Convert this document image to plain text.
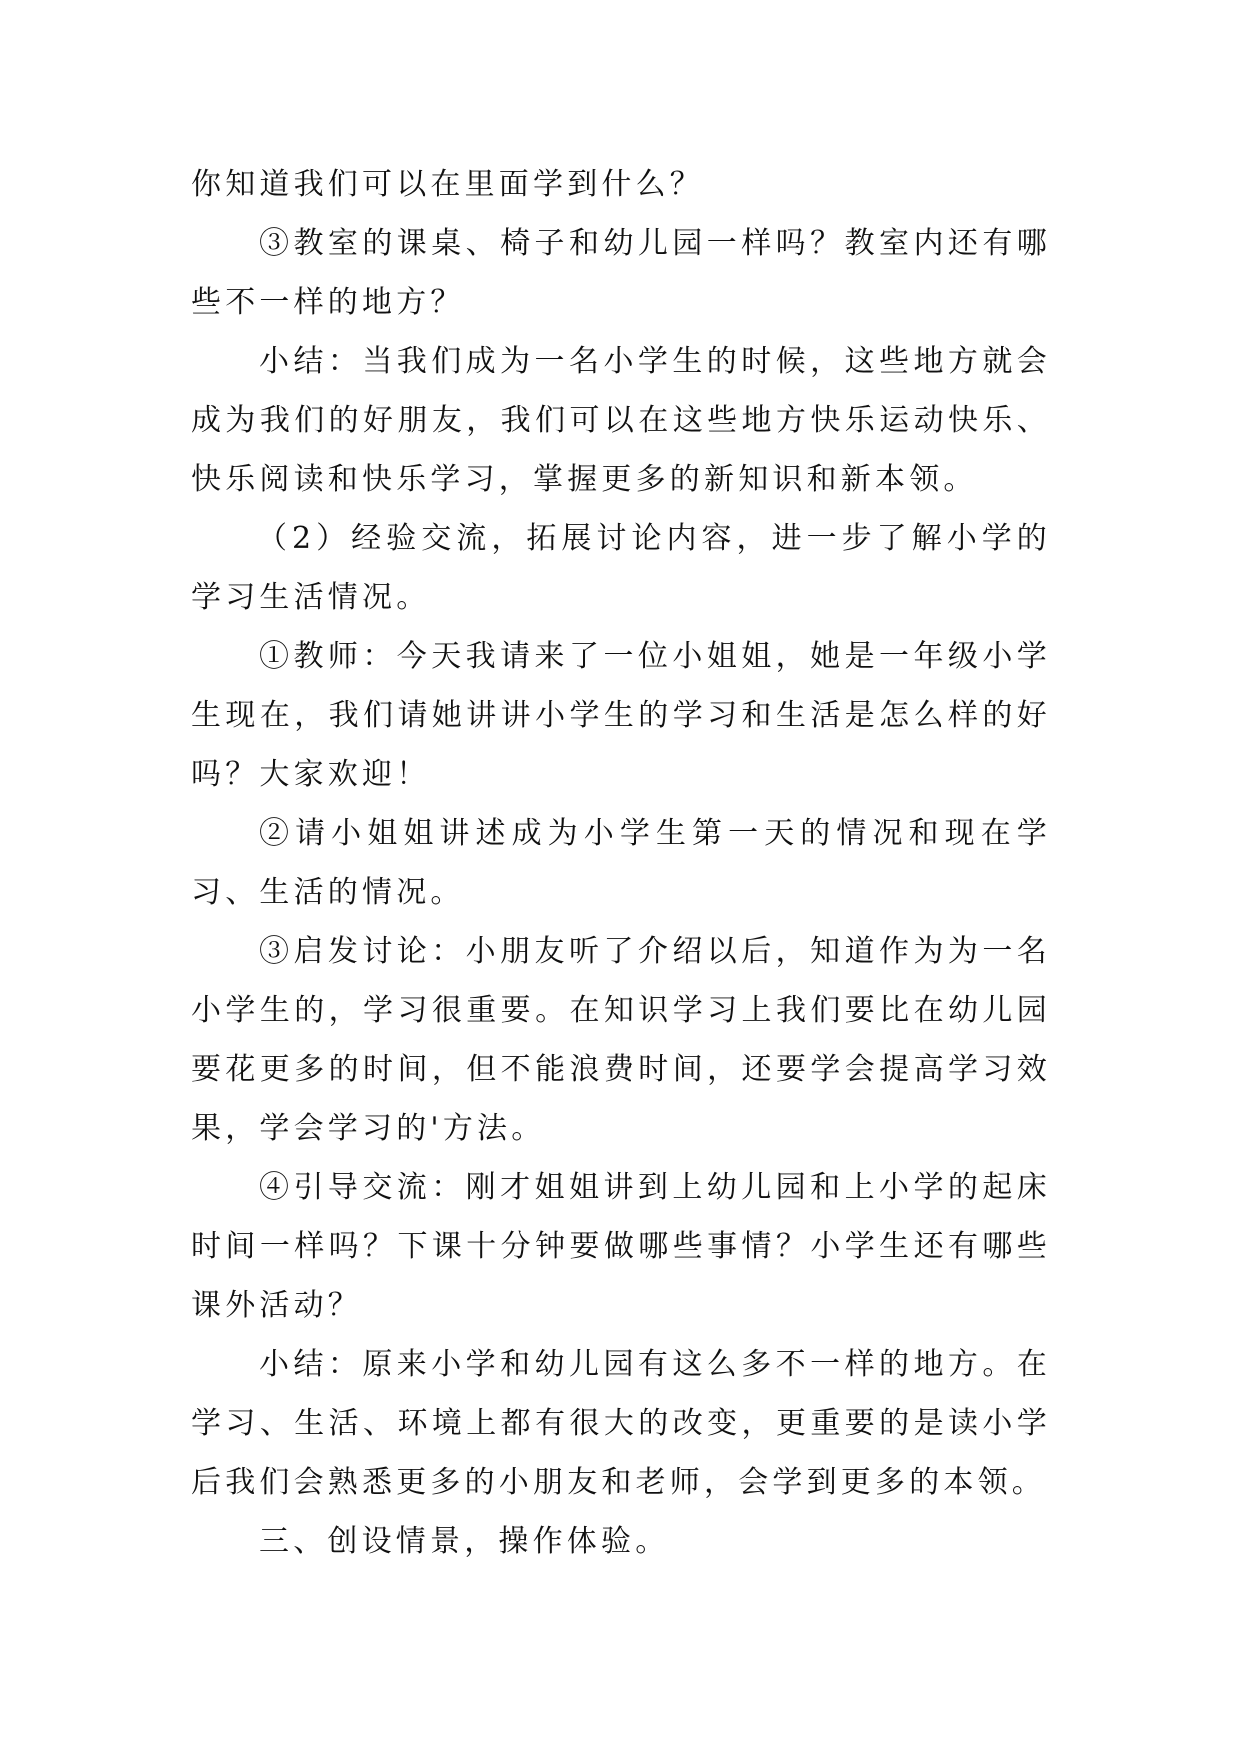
你知道我们可以在里面学到什么？

③教室的课桌、椅子和幼儿园一样吗？教室内还有哪些不一样的地方？

小结：当我们成为一名小学生的时候，这些地方就会成为我们的好朋友，我们可以在这些地方快乐运动快乐、快乐阅读和快乐学习，掌握更多的新知识和新本领。

（2）经验交流，拓展讨论内容，进一步了解小学的学习生活情况。

①教师：今天我请来了一位小姐姐，她是一年级小学生现在，我们请她讲讲小学生的学习和生活是怎么样的好吗？大家欢迎！

②请小姐姐讲述成为小学生第一天的情况和现在学习、生活的情况。

③启发讨论：小朋友听了介绍以后，知道作为为一名小学生的，学习很重要。在知识学习上我们要比在幼儿园要花更多的时间，但不能浪费时间，还要学会提高学习效果，学会学习的'方法。

④引导交流：刚才姐姐讲到上幼儿园和上小学的起床时间一样吗？下课十分钟要做哪些事情？小学生还有哪些课外活动？

小结：原来小学和幼儿园有这么多不一样的地方。在学习、生活、环境上都有很大的改变，更重要的是读小学后我们会熟悉更多的小朋友和老师，会学到更多的本领。

三、创设情景，操作体验。
